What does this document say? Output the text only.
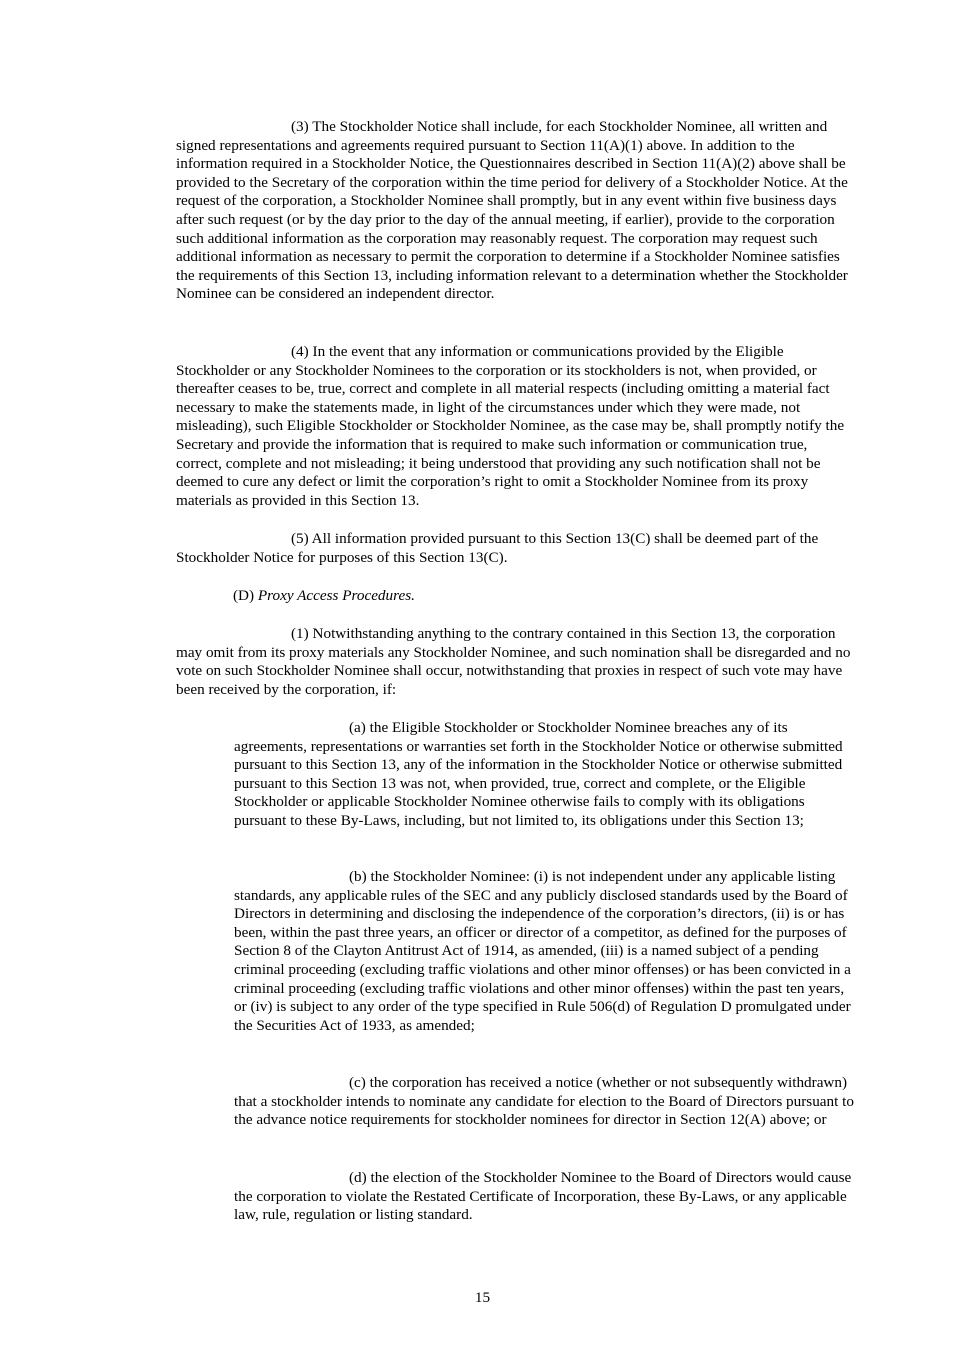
(3) The Stockholder Notice shall include, for each Stockholder Nominee, all written and signed representations and agreements required pursuant to Section 11(A)(1) above. In addition to the information required in a Stockholder Notice, the Questionnaires described in Section 11(A)(2) above shall be provided to the Secretary of the corporation within the time period for delivery of a Stockholder Notice. At the request of the corporation, a Stockholder Nominee shall promptly, but in any event within five business days after such request (or by the day prior to the day of the annual meeting, if earlier), provide to the corporation such additional information as the corporation may reasonably request. The corporation may request such additional information as necessary to permit the corporation to determine if a Stockholder Nominee satisfies the requirements of this Section 13, including information relevant to a determination whether the Stockholder Nominee can be considered an independent director.

(4) In the event that any information or communications provided by the Eligible Stockholder or any Stockholder Nominees to the corporation or its stockholders is not, when provided, or thereafter ceases to be, true, correct and complete in all material respects (including omitting a material fact necessary to make the statements made, in light of the circumstances under which they were made, not misleading), such Eligible Stockholder or Stockholder Nominee, as the case may be, shall promptly notify the Secretary and provide the information that is required to make such information or communication true, correct, complete and not misleading; it being understood that providing any such notification shall not be deemed to cure any defect or limit the corporation’s right to omit a Stockholder Nominee from its proxy materials as provided in this Section 13.

(5) All information provided pursuant to this Section 13(C) shall be deemed part of the Stockholder Notice for purposes of this Section 13(C).

(D) Proxy Access Procedures.

(1) Notwithstanding anything to the contrary contained in this Section 13, the corporation may omit from its proxy materials any Stockholder Nominee, and such nomination shall be disregarded and no vote on such Stockholder Nominee shall occur, notwithstanding that proxies in respect of such vote may have been received by the corporation, if:

(a) the Eligible Stockholder or Stockholder Nominee breaches any of its agreements, representations or warranties set forth in the Stockholder Notice or otherwise submitted pursuant to this Section 13, any of the information in the Stockholder Notice or otherwise submitted pursuant to this Section 13 was not, when provided, true, correct and complete, or the Eligible Stockholder or applicable Stockholder Nominee otherwise fails to comply with its obligations pursuant to these By-Laws, including, but not limited to, its obligations under this Section 13;

(b) the Stockholder Nominee: (i) is not independent under any applicable listing standards, any applicable rules of the SEC and any publicly disclosed standards used by the Board of Directors in determining and disclosing the independence of the corporation’s directors, (ii) is or has been, within the past three years, an officer or director of a competitor, as defined for the purposes of Section 8 of the Clayton Antitrust Act of 1914, as amended, (iii) is a named subject of a pending criminal proceeding (excluding traffic violations and other minor offenses) or has been convicted in a criminal proceeding (excluding traffic violations and other minor offenses) within the past ten years, or (iv) is subject to any order of the type specified in Rule 506(d) of Regulation D promulgated under the Securities Act of 1933, as amended;

(c) the corporation has received a notice (whether or not subsequently withdrawn) that a stockholder intends to nominate any candidate for election to the Board of Directors pursuant to the advance notice requirements for stockholder nominees for director in Section 12(A) above; or

(d) the election of the Stockholder Nominee to the Board of Directors would cause the corporation to violate the Restated Certificate of Incorporation, these By-Laws, or any applicable law, rule, regulation or listing standard.

15
